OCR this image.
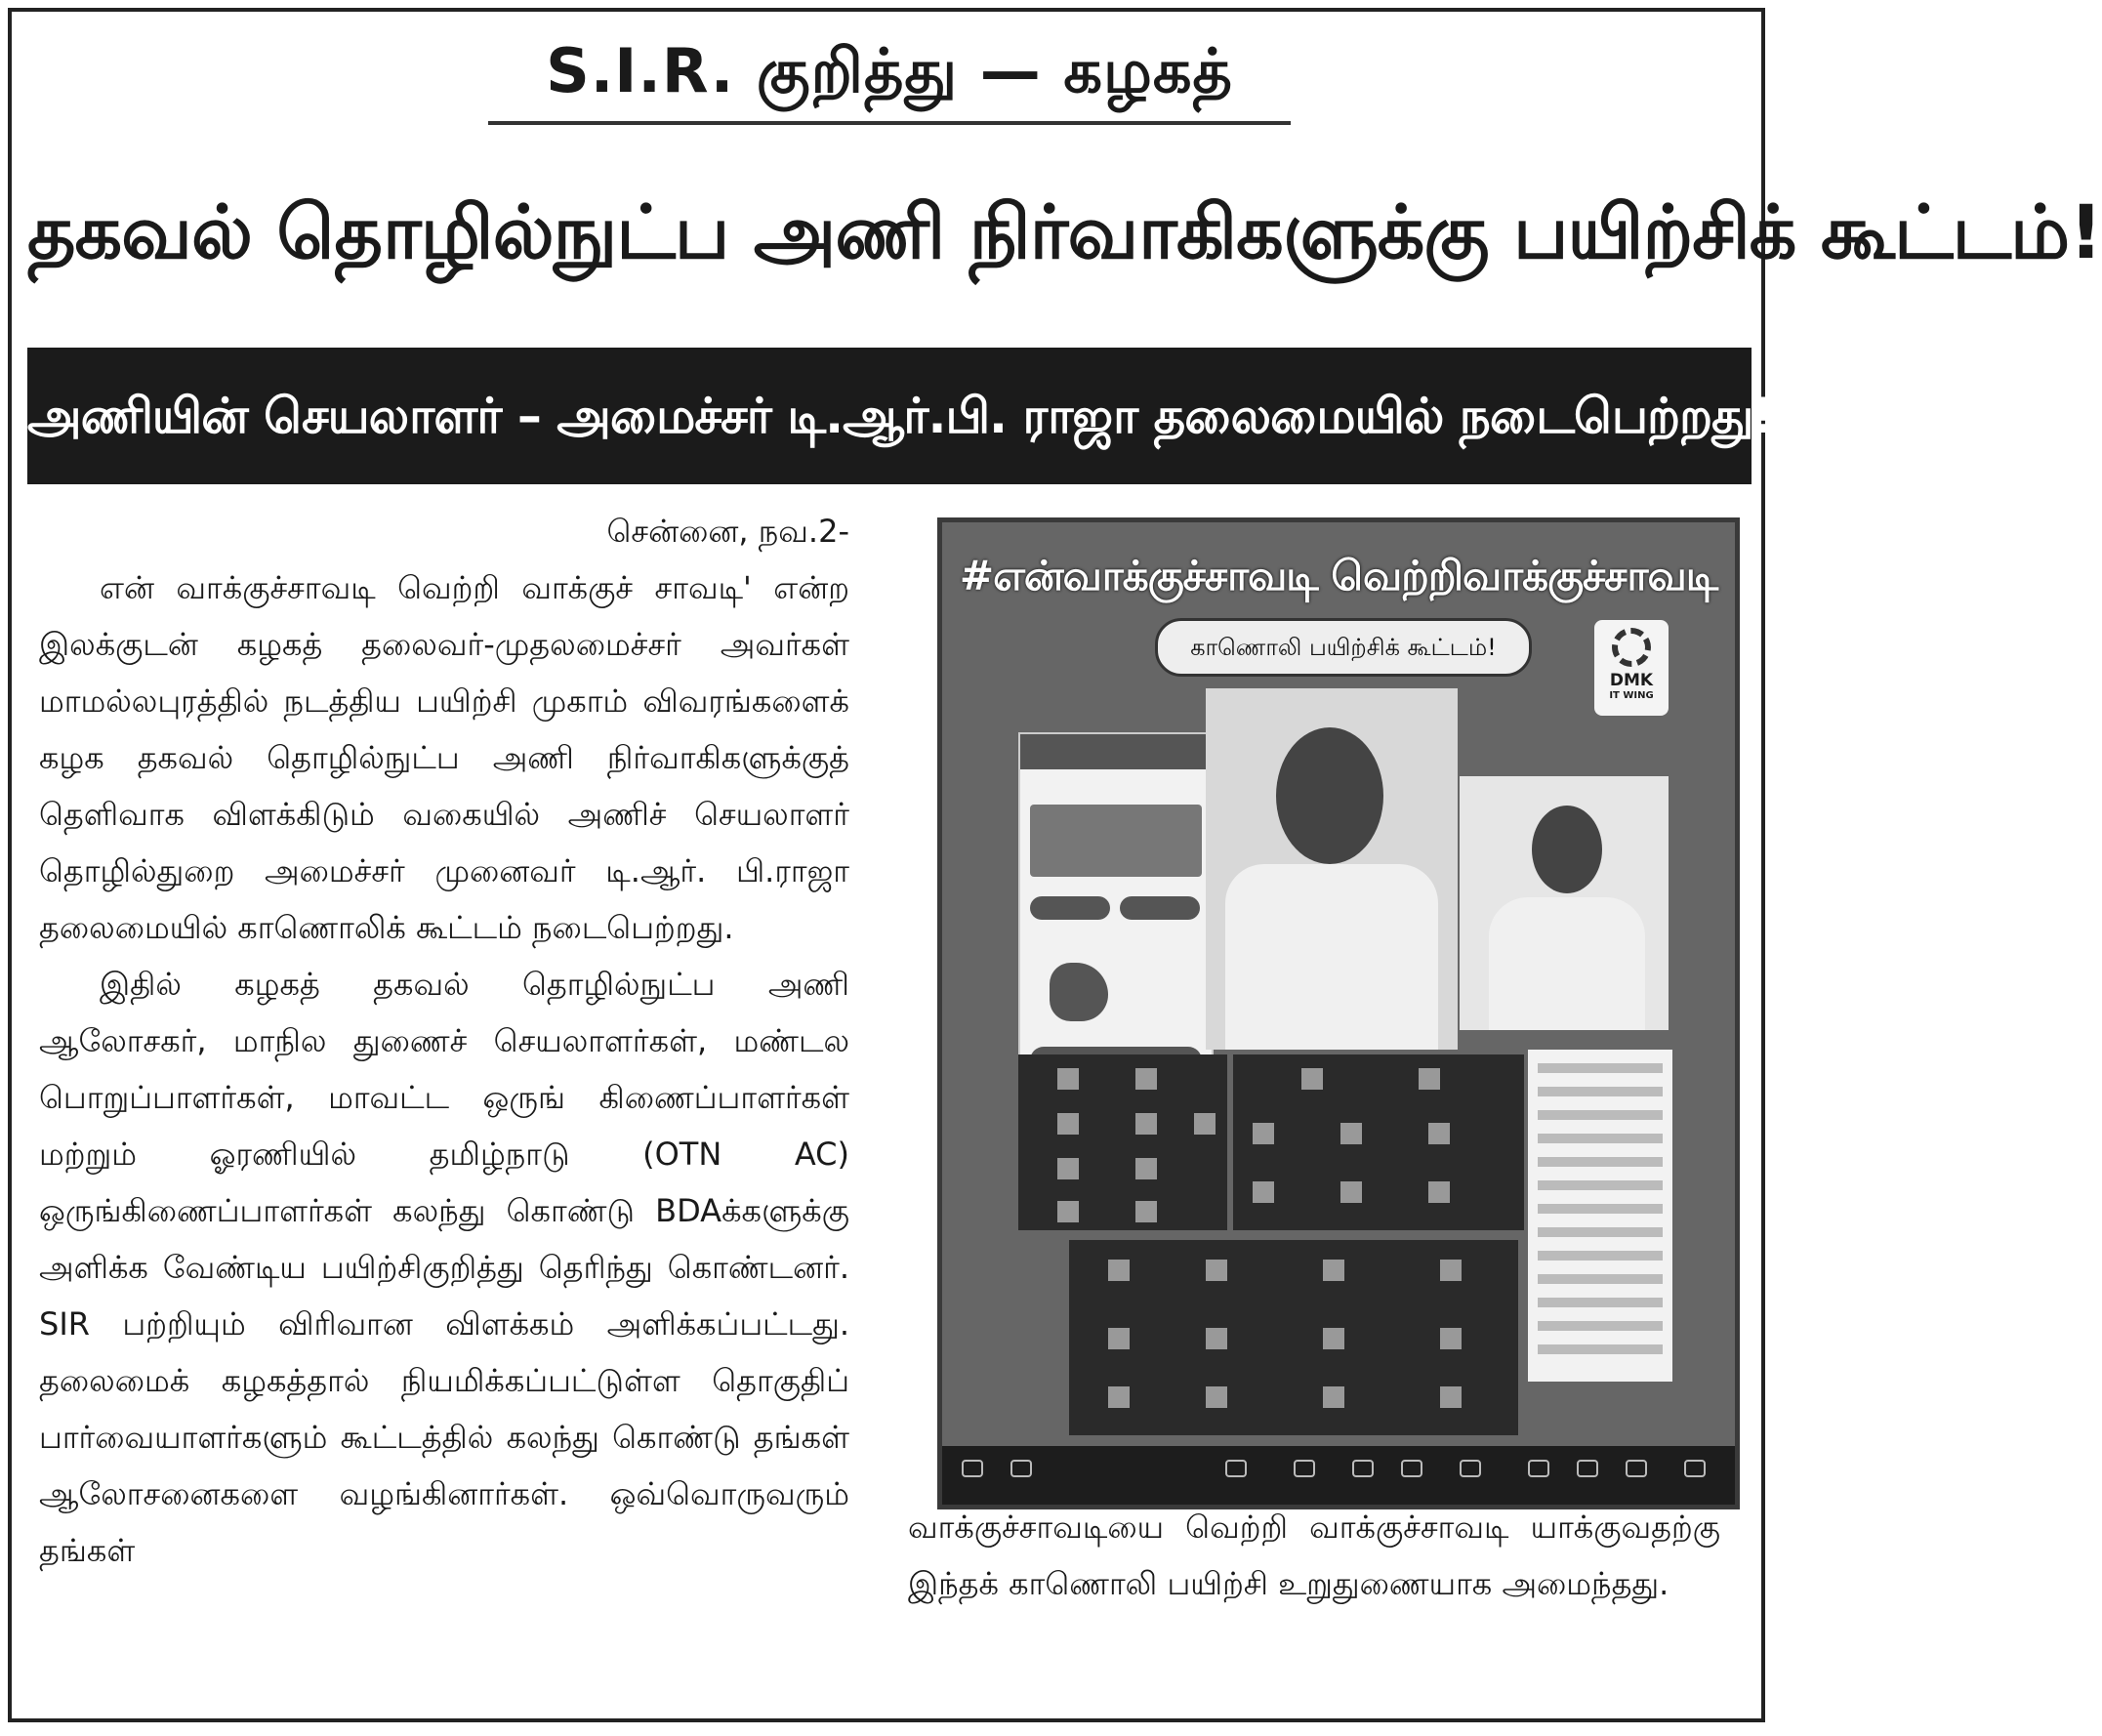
S.I.R. குறித்து — கழகத்
தகவல் தொழில்நுட்ப அணி நிர்வாகிகளுக்கு பயிற்சிக் கூட்டம்!
அணியின் செயலாளர் – அமைச்சர் டி.ஆர்.பி. ராஜா தலைமையில் நடைபெற்றது!
சென்னை, நவ.2-

என் வாக்குச்சாவடி வெற்றி வாக்குச் சாவடி' என்ற இலக்குடன் கழகத் தலைவர்-முதலமைச்சர் அவர்கள் மாமல்லபுரத்தில் நடத்திய பயிற்சி முகாம் விவரங்களைக் கழக தகவல் தொழில்நுட்ப அணி நிர்வாகிகளுக்குத் தெளிவாக விளக்கிடும் வகையில் அணிச் செயலாளர் தொழில்துறை அமைச்சர் முனைவர் டி.ஆர். பி.ராஜா தலைமையில் காணொலிக் கூட்டம் நடைபெற்றது.

இதில் கழகத் தகவல் தொழில்நுட்ப அணி ஆலோசகர், மாநில துணைச் செயலாளர்கள், மண்டல பொறுப்பாளர்கள், மாவட்ட ஒருங் கிணைப்பாளர்கள் மற்றும் ஓரணியில் தமிழ்நாடு (OTN AC) ஒருங்கிணைப்பாளர்கள் கலந்து கொண்டு BDAக்களுக்கு அளிக்க வேண்டிய பயிற்சிகுறித்து தெரிந்து கொண்டனர். SIR பற்றியும் விரிவான விளக்கம் அளிக்கப்பட்டது. தலைமைக் கழகத்தால் நியமிக்கப்பட்டுள்ள தொகுதிப் பார்வையாளர்களும் கூட்டத்தில் கலந்து கொண்டு தங்கள் ஆலோசனைகளை வழங்கினார்கள். ஒவ்வொருவரும் தங்கள்

#என்வாக்குச்சாவடி வெற்றிவாக்குச்சாவடி
காணொலி பயிற்சிக் கூட்டம்!
DMK
IT WING

வாக்குச்சாவடியை வெற்றி வாக்குச்சாவடி யாக்குவதற்கு இந்தக் காணொலி பயிற்சி உறுதுணையாக அமைந்தது.
